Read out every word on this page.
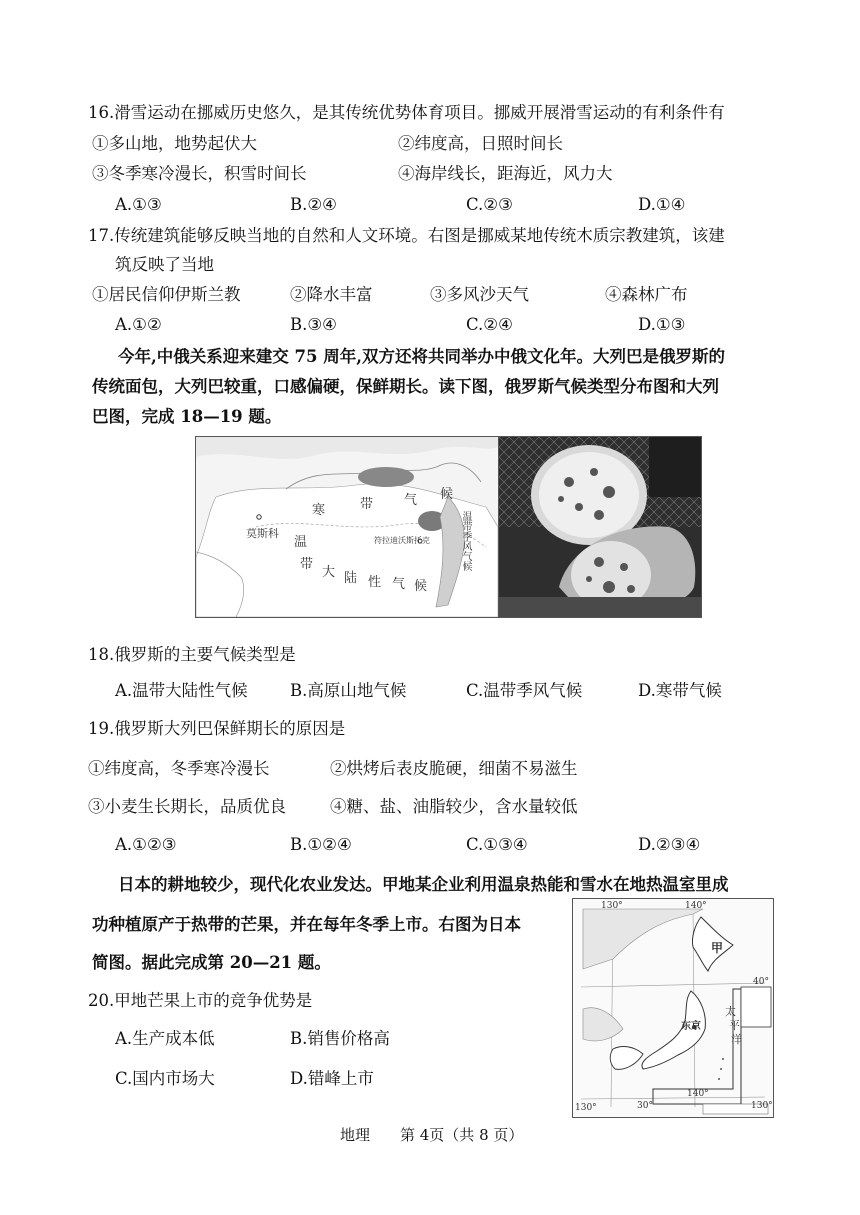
16.滑雪运动在挪威历史悠久，是其传统优势体育项目。挪威开展滑雪运动的有利条件有
①多山地，地势起伏大	②纬度高，日照时间长
③冬季寒冷漫长，积雪时间长	④海岸线长，距海近，风力大
A.①③	B.②④	C.②③	D.①④
17.传统建筑能够反映当地的自然和人文环境。右图是挪威某地传统木质宗教建筑，该建
筑反映了当地
①居民信仰伊斯兰教	②降水丰富	③多风沙天气	④森林广布
A.①②	B.③④	C.②④	D.①③
今年,中俄关系迎来建交 75 周年,双方还将共同举办中俄文化年。大列巴是俄罗斯的
传统面包，大列巴较重，口感偏硬，保鲜期长。读下图，俄罗斯气候类型分布图和大列
巴图，完成 18—19 题。
莫斯科
寒	带 气 候
温
带
大 陆 性 气 候
温带季风气候
符拉迪沃斯托克
18.俄罗斯的主要气候类型是
A.温带大陆性气候	B.高原山地气候	C.温带季风气候	D.寒带气候
19.俄罗斯大列巴保鲜期长的原因是
①纬度高，冬季寒冷漫长	②烘烤后表皮脆硬，细菌不易滋生
③小麦生长期长，品质优良	④糖、盐、油脂较少，含水量较低
A.①②③	B.①②④	C.①③④	D.②③④
日本的耕地较少，现代化农业发达。甲地某企业利用温泉热能和雪水在地热温室里成
功种植原产于热带的芒果，并在每年冬季上市。右图为日本
简图。据此完成第 20—21 题。
130°	140°
甲
40°
太
平
洋
东京
30°
140°
130°	130°
20.甲地芒果上市的竞争优势是
A.生产成本低	B.销售价格高
C.国内市场大	D.错峰上市
地理 第 4页（共 8 页）
